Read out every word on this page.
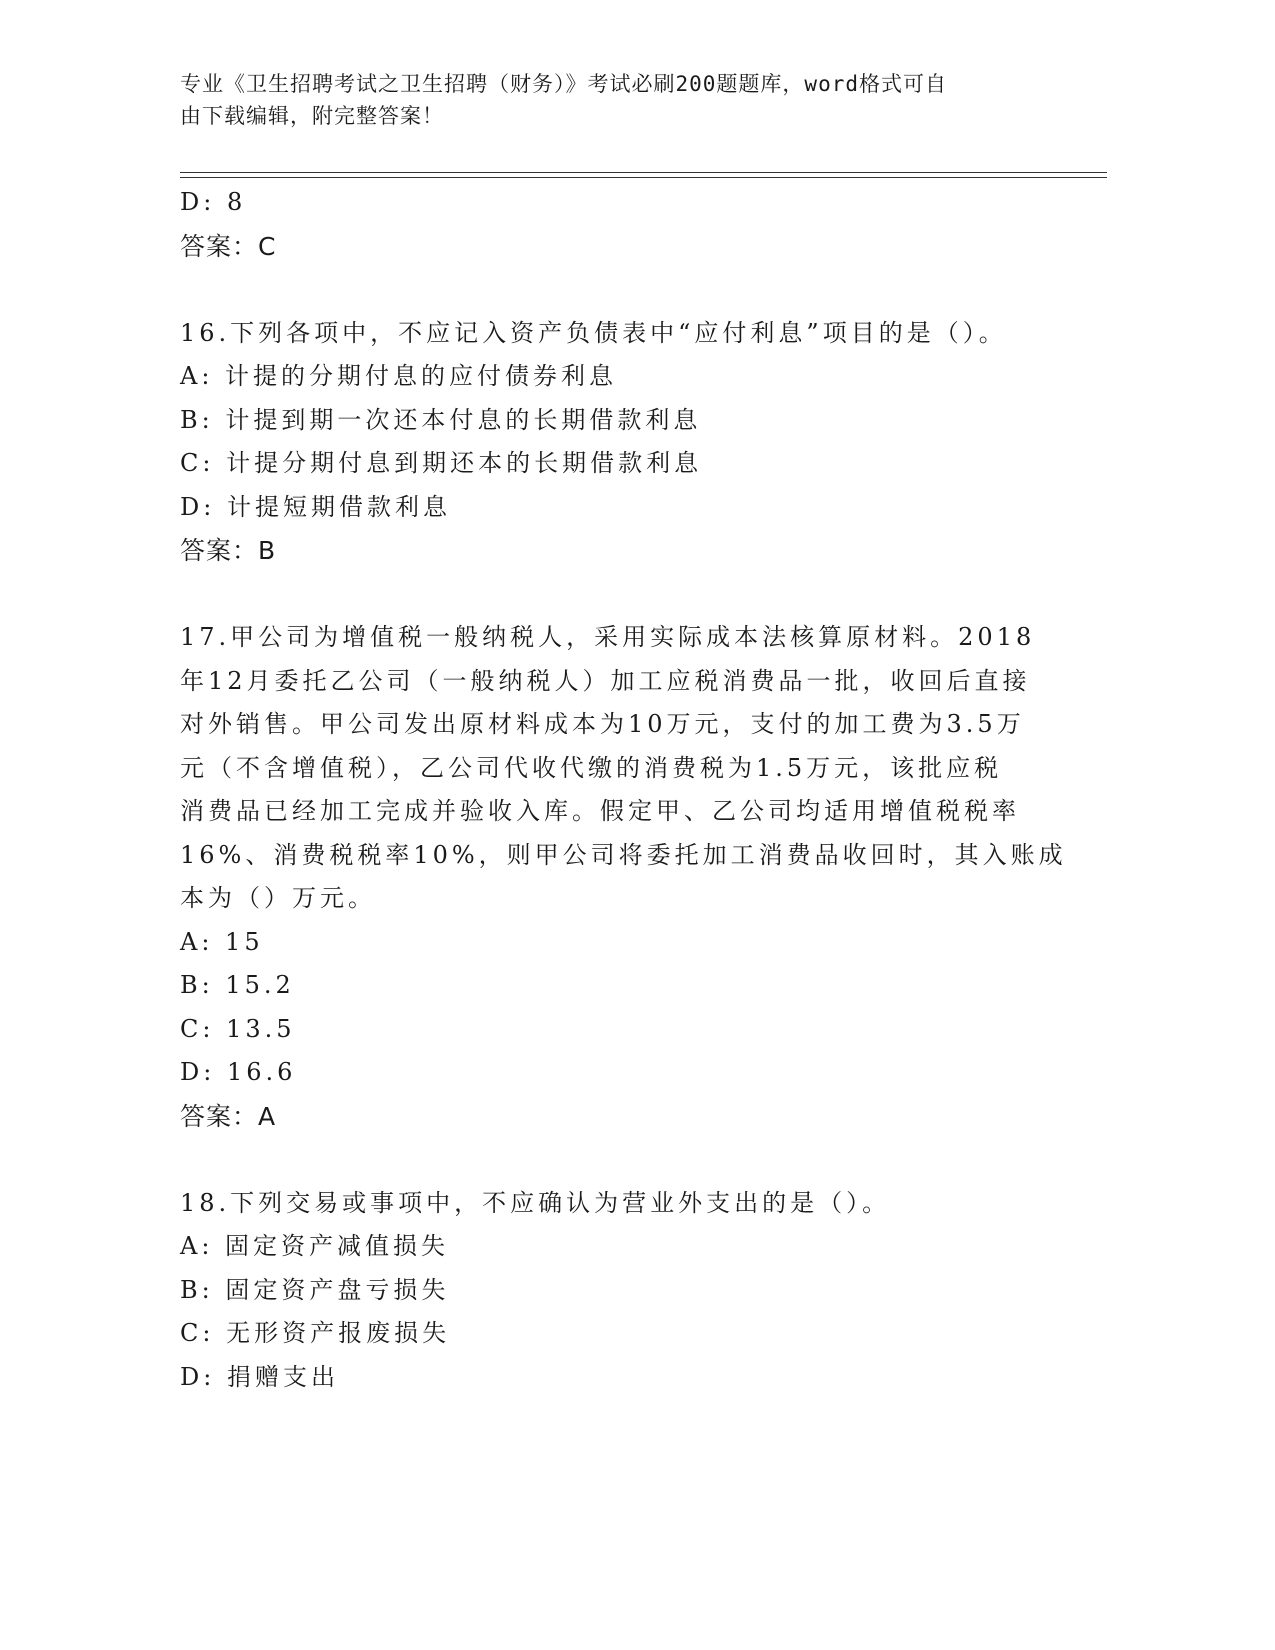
专业《卫生招聘考试之卫生招聘（财务）》考试必刷200题题库，word格式可自
由下载编辑，附完整答案！
D: 8
答案：C
16.下列各项中，不应记入资产负债表中“应付利息”项目的是（）。
A: 计提的分期付息的应付债券利息
B: 计提到期一次还本付息的长期借款利息
C: 计提分期付息到期还本的长期借款利息
D: 计提短期借款利息
答案：B
17.甲公司为增值税一般纳税人，采用实际成本法核算原材料。2018
年12月委托乙公司（一般纳税人）加工应税消费品一批，收回后直接
对外销售。甲公司发出原材料成本为10万元，支付的加工费为3.5万
元（不含增值税），乙公司代收代缴的消费税为1.5万元，该批应税
消费品已经加工完成并验收入库。假定甲、乙公司均适用增值税税率
16%、消费税税率10%，则甲公司将委托加工消费品收回时，其入账成
本为（）万元。
A: 15
B: 15.2
C: 13.5
D: 16.6
答案：A
18.下列交易或事项中，不应确认为营业外支出的是（）。
A: 固定资产减值损失
B: 固定资产盘亏损失
C: 无形资产报废损失
D: 捐赠支出
